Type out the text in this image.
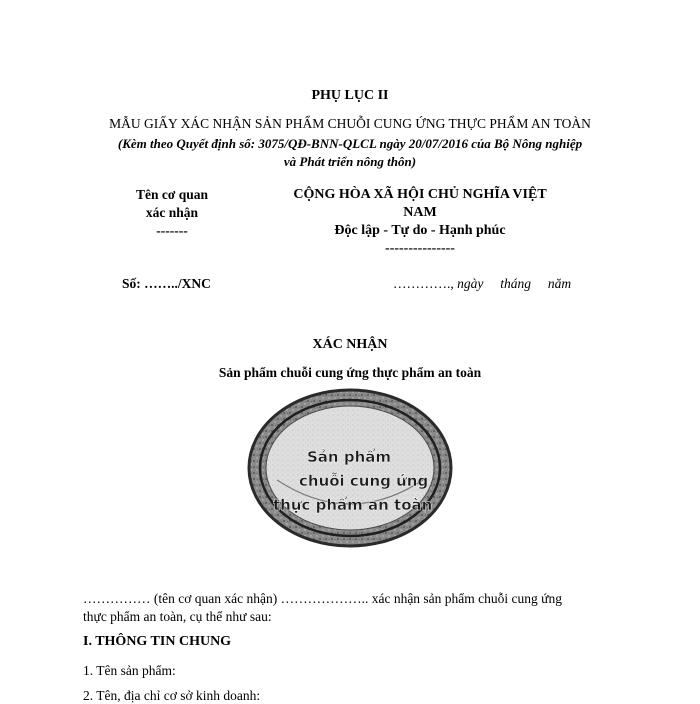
PHỤ LỤC II
MẪU GIẤY XÁC NHẬN SẢN PHẨM CHUỖI CUNG ỨNG THỰC PHẨM AN TOÀN
(Kèm theo Quyết định số: 3075/QĐ-BNN-QLCL ngày 20/07/2016 của Bộ Nông nghiệp
và Phát triển nông thôn)
Tên cơ quan
xác nhận
-------
CỘNG HÒA XÃ HỘI CHỦ NGHĨA VIỆT
NAM
Độc lập - Tự do - Hạnh phúc
---------------
Số: ……../XNC	…………., ngày tháng năm
XÁC NHẬN
Sản phẩm chuỗi cung ứng thực phẩm an toàn
Sản phẩm
chuỗi cung ứng
thực phẩm an toàn
…………… (tên cơ quan xác nhận) ……………….. xác nhận sản phẩm chuỗi cung ứng
thực phẩm an toàn, cụ thể như sau:
I. THÔNG TIN CHUNG
1. Tên sản phẩm:
2. Tên, địa chỉ cơ sở kinh doanh:
